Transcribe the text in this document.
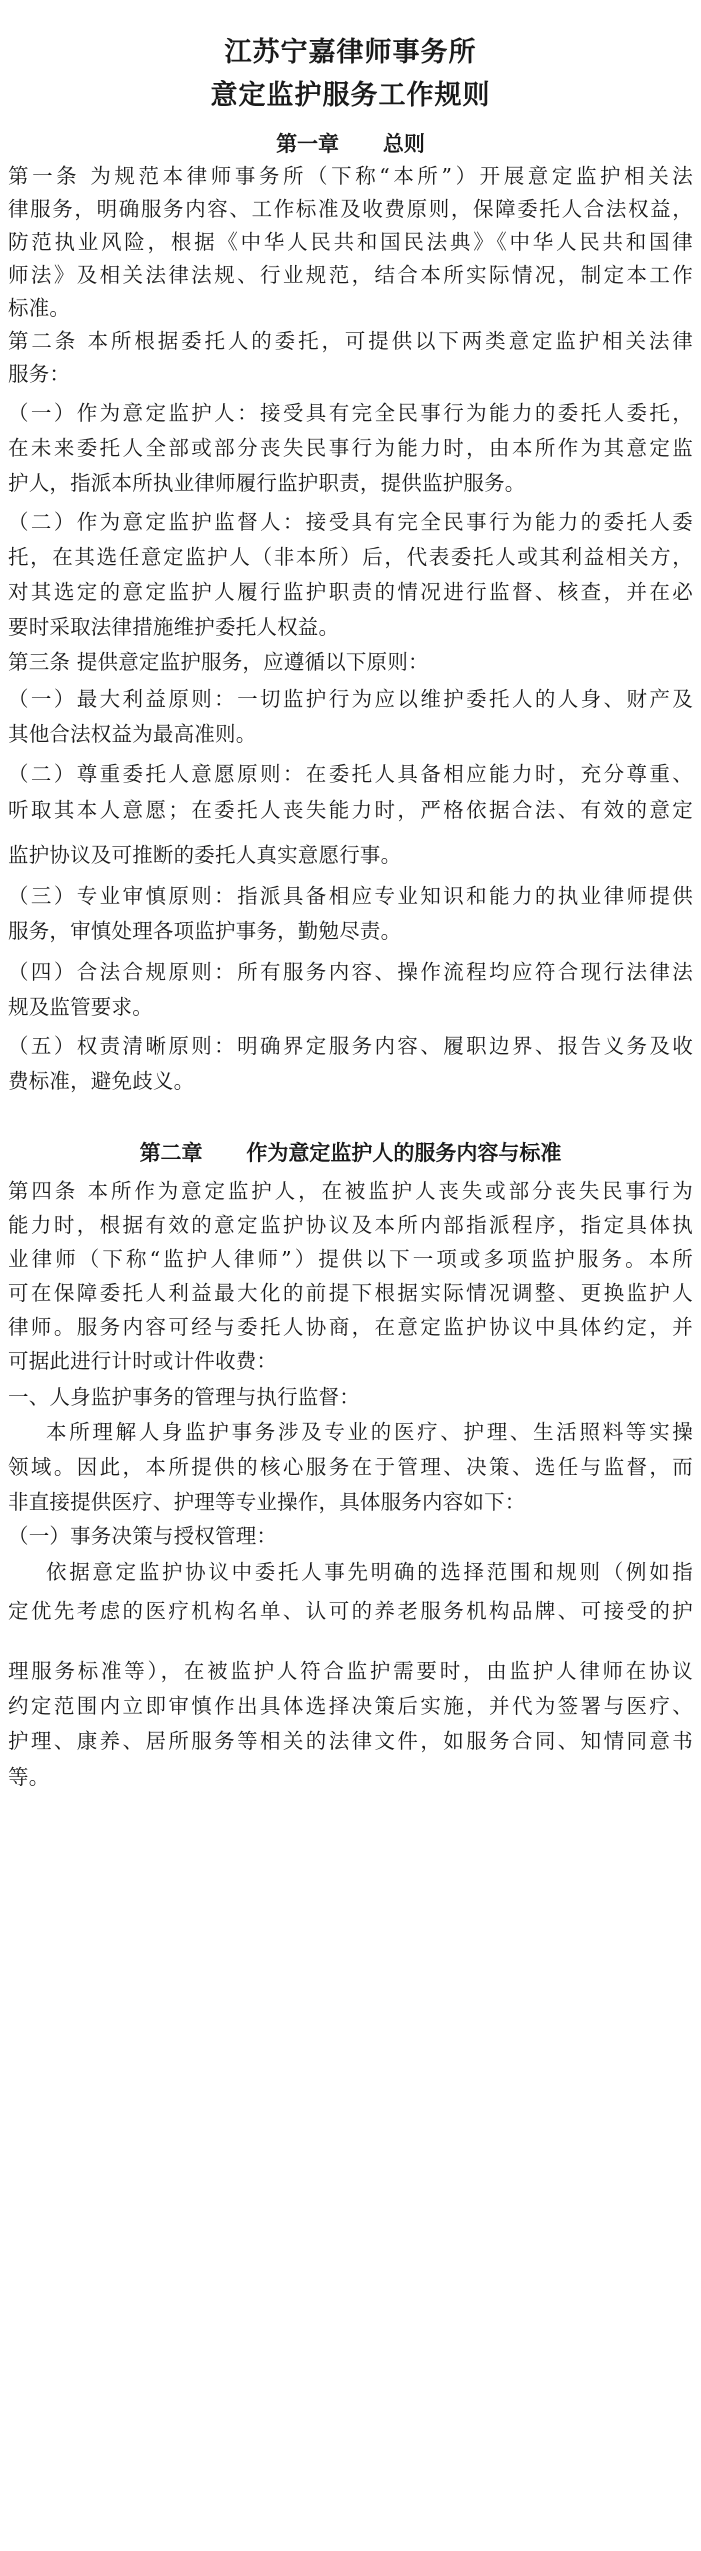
江苏宁嘉律师事务所
意定监护服务工作规则
第一章      总则
第一条 为规范本律师事务所（下称“本所”）开展意定监护相关法
律服务，明确服务内容、工作标准及收费原则，保障委托人合法权益，
防范执业风险，根据《中华人民共和国民法典》《中华人民共和国律
师法》及相关法律法规、行业规范，结合本所实际情况，制定本工作
标准。
第二条 本所根据委托人的委托，可提供以下两类意定监护相关法律
服务：
（一）作为意定监护人：接受具有完全民事行为能力的委托人委托，
在未来委托人全部或部分丧失民事行为能力时，由本所作为其意定监
护人，指派本所执业律师履行监护职责，提供监护服务。
（二）作为意定监护监督人：接受具有完全民事行为能力的委托人委
托，在其选任意定监护人（非本所）后，代表委托人或其利益相关方，
对其选定的意定监护人履行监护职责的情况进行监督、核查，并在必
要时采取法律措施维护委托人权益。
第三条 提供意定监护服务，应遵循以下原则：
（一）最大利益原则：一切监护行为应以维护委托人的人身、财产及
其他合法权益为最高准则。
（二）尊重委托人意愿原则：在委托人具备相应能力时，充分尊重、
听取其本人意愿；在委托人丧失能力时，严格依据合法、有效的意定
监护协议及可推断的委托人真实意愿行事。
（三）专业审慎原则：指派具备相应专业知识和能力的执业律师提供
服务，审慎处理各项监护事务，勤勉尽责。
（四）合法合规原则：所有服务内容、操作流程均应符合现行法律法
规及监管要求。
（五）权责清晰原则：明确界定服务内容、履职边界、报告义务及收
费标准，避免歧义。
第二章      作为意定监护人的服务内容与标准
第四条 本所作为意定监护人，在被监护人丧失或部分丧失民事行为
能力时，根据有效的意定监护协议及本所内部指派程序，指定具体执
业律师（下称“监护人律师”）提供以下一项或多项监护服务。本所
可在保障委托人利益最大化的前提下根据实际情况调整、更换监护人
律师。服务内容可经与委托人协商，在意定监护协议中具体约定，并
可据此进行计时或计件收费：
一、人身监护事务的管理与执行监督：
本所理解人身监护事务涉及专业的医疗、护理、生活照料等实操
领域。因此，本所提供的核心服务在于管理、决策、选任与监督，而
非直接提供医疗、护理等专业操作，具体服务内容如下：
（一）事务决策与授权管理：
依据意定监护协议中委托人事先明确的选择范围和规则（例如指
定优先考虑的医疗机构名单、认可的养老服务机构品牌、可接受的护
理服务标准等），在被监护人符合监护需要时，由监护人律师在协议
约定范围内立即审慎作出具体选择决策后实施，并代为签署与医疗、
护理、康养、居所服务等相关的法律文件，如服务合同、知情同意书
等。
